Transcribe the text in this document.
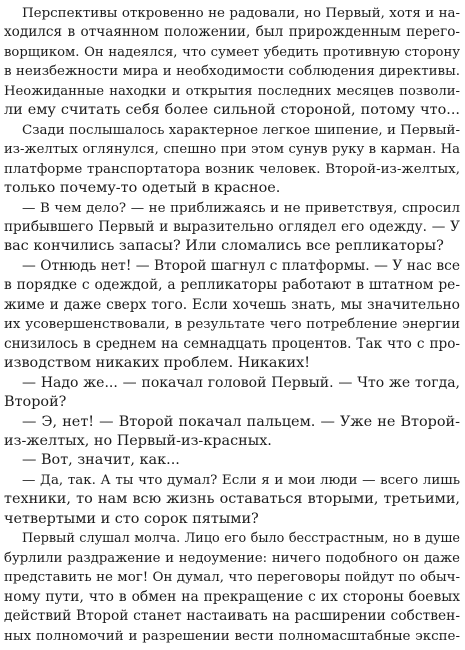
Перспективы откровенно не радовали, но Первый, хотя и на-
ходился в отчаянном положении, был прирожденным перего-
ворщиком. Он надеялся, что сумеет убедить противную сторону
в неизбежности мира и необходимости соблюдения директивы.
Неожиданные находки и открытия последних месяцев позволи-
ли ему считать себя более сильной стороной, потому что...
Сзади послышалось характерное легкое шипение, и Первый-
из-желтых оглянулся, спешно при этом сунув руку в карман. На
платформе транспортатора возник человек. Второй-из-желтых,
только почему-то одетый в красное.
— В чем дело? — не приближаясь и не приветствуя, спросил
прибывшего Первый и выразительно оглядел его одежду. — У
вас кончились запасы? Или сломались все репликаторы?
— Отнюдь нет! — Второй шагнул с платформы. — У нас все
в порядке с одеждой, а репликаторы работают в штатном ре-
жиме и даже сверх того. Если хочешь знать, мы значительно
их усовершенствовали, в результате чего потребление энергии
снизилось в среднем на семнадцать процентов. Так что с про-
изводством никаких проблем. Никаких!
— Надо же... — покачал головой Первый. — Что же тогда,
Второй?
— Э, нет! — Второй покачал пальцем. — Уже не Второй-
из-желтых, но Первый-из-красных.
— Вот, значит, как...
— Да, так. А ты что думал? Если я и мои люди — всего лишь
техники, то нам всю жизнь оставаться вторыми, третьими,
четвертыми и сто сорок пятыми?
Первый слушал молча. Лицо его было бесстрастным, но в душе
бурлили раздражение и недоумение: ничего подобного он даже
представить не мог! Он думал, что переговоры пойдут по обыч-
ному пути, что в обмен на прекращение с их стороны боевых
действий Второй станет настаивать на расширении собствен-
ных полномочий и разрешении вести полномасштабные экспе-
